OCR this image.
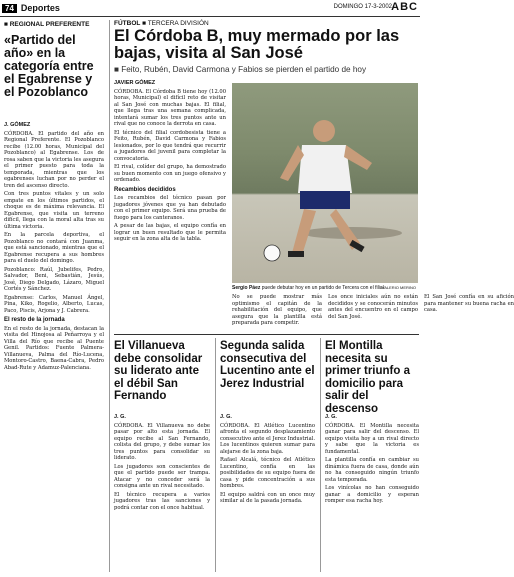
74 Deportes	DOMINGO 17-3-2002 ABC
■ REGIONAL PREFERENTE
«Partido del año» en la categoría entre el Egabrense y el Pozoblanco
J. GÓMEZ

CÓRDOBA. El partido del año en Regional Preferente. El Pozoblanco recibe (12.00 horas, Municipal del Pozoblanco) al Egabrense. Los de rosa saben que la victoria les asegura el primer puesto para toda la temporada, mientras que los egabrenses luchan por no perder el tren del ascenso directo.

Con tres puntos vitales y un solo empate en los últimos partidos, el choque es de máxima relevancia. El Egabrense, que visita un terreno difícil, llega con la moral alta tras su última victoria.

En la parcela deportiva, el Pozoblanco no contará con Juanma, que está sancionado, mientras que el Egabrense recupera a sus hombres para el duelo del domingo.

Pozoblanco: Raúl, Jubelifes, Pedro, Salvador, Beni, Sebastián, Jesús, José, Diego Delgado, Lázaro, Miguel Cortés y Sánchez.

Egabrense: Carlos, Manuel Ángel, Pina, Kiko, Rogelio, Alberto, Lucas, Paco, Piscis, Arjona y J. Cabrera.

El resto de la jornada

En el resto de la jornada, destacan la visita del Hinojosa al Peñarroya y el Villa del Río que recibe al Puente Genil. Partidos: Fuente Palmera-Villanueva, Palma del Río-Lucena, Montoro-Castro, Baena-Cabra, Pedro Abad-Rute y Adamuz-Palenciana.

FÚTBOL ■ TERCERA DIVISIÓN
El Córdoba B, muy mermado por las bajas, visita al San José
■ Feito, Rubén, David Carmona y Fabios se pierden el partido de hoy
JAVIER GÓMEZ

CÓRDOBA. El Córdoba B tiene hoy (12.00 horas, Municipal) el difícil reto de visitar al San José con muchas bajas. El filial, que llega tras una semana complicada, intentará sumar los tres puntos ante un rival que no conoce la derrota en casa.

El técnico del filial cordobesista tiene a Feito, Rubén, David Carmona y Fabios lesionados, por lo que tendrá que recurrir a jugadores del juvenil para completar la convocatoria.

El rival, colíder del grupo, ha demostrado su buen momento con un juego ofensivo y ordenado.

Recambios decididos

Los recambios del técnico pasan por jugadores jóvenes que ya han debutado con el primer equipo. Será una prueba de fuego para los canteranos.

A pesar de las bajas, el equipo confía en lograr un buen resultado que le permita seguir en la zona alta de la tabla.

Sergio Páez puede debutar hoy en un partido de Tercera con el filial
VALERIO MERINO

No se puede mostrar más optimismo el capitán de la rehabilitación del equipo, que asegura que la plantilla está preparada para competir.

Los once iniciales aún no están decididos y se conocerán minutos antes del encuentro en el campo del San José.

El San José confía en su afición para mantener su buena racha en casa.

El Villanueva debe consolidar su liderato ante el débil San Fernando
J. G.

CÓRDOBA. El Villanueva no debe pasar por alto esta jornada. El equipo recibe al San Fernando, colista del grupo, y debe sumar los tres puntos para consolidar su liderato.

Los jugadores son conscientes de que el partido puede ser trampa. Atacar y no conceder será la consigna ante un rival necesitado.

El técnico recupera a varios jugadores tras las sanciones y podrá contar con el once habitual.

Segunda salida consecutiva del Lucentino ante el Jerez Industrial
J. G.

CÓRDOBA. El Atlético Lucentino afronta el segundo desplazamiento consecutivo ante el Jerez Industrial. Los lucentinos quieren sumar para alejarse de la zona baja.

Rafael Alcalá, técnico del Atlético Lucentino, confía en las posibilidades de su equipo fuera de casa y pide concentración a sus hombres.

El equipo saldrá con un once muy similar al de la pasada jornada.

El Montilla necesita su primer triunfo a domicilio para salir del descenso
J. G.

CÓRDOBA. El Montilla necesita ganar para salir del descenso. El equipo visita hoy a un rival directo y sabe que la victoria es fundamental.

La plantilla confía en cambiar su dinámica fuera de casa, donde aún no ha conseguido ningún triunfo esta temporada.

Los vinícolas no han conseguido ganar a domicilio y esperan romper esa racha hoy.
